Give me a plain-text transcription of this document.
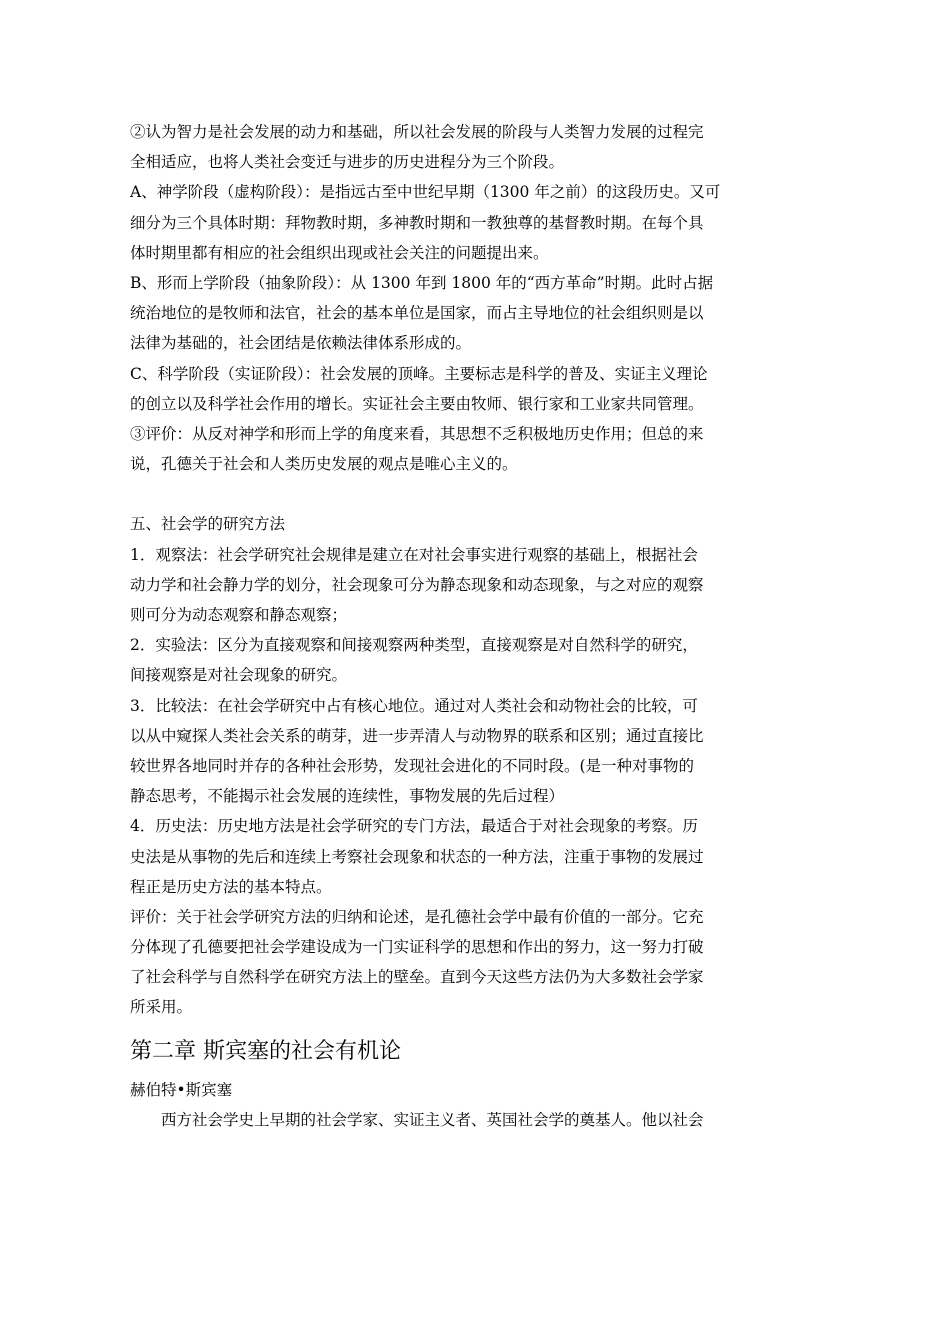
②认为智力是社会发展的动力和基础，所以社会发展的阶段与人类智力发展的过程完
全相适应，也将人类社会变迁与进步的历史进程分为三个阶段。
A、神学阶段（虚构阶段）：是指远古至中世纪早期（1300 年之前）的这段历史。又可
细分为三个具体时期：拜物教时期，多神教时期和一教独尊的基督教时期。在每个具
体时期里都有相应的社会组织出现或社会关注的问题提出来。
B、形而上学阶段（抽象阶段）：从 1300 年到 1800 年的“西方革命”时期。此时占据
统治地位的是牧师和法官，社会的基本单位是国家，而占主导地位的社会组织则是以
法律为基础的，社会团结是依赖法律体系形成的。
C、科学阶段（实证阶段）：社会发展的顶峰。主要标志是科学的普及、实证主义理论
的创立以及科学社会作用的增长。实证社会主要由牧师、银行家和工业家共同管理。
③评价：从反对神学和形而上学的角度来看，其思想不乏积极地历史作用；但总的来
说，孔德关于社会和人类历史发展的观点是唯心主义的。
五、社会学的研究方法
1．观察法：社会学研究社会规律是建立在对社会事实进行观察的基础上，根据社会
动力学和社会静力学的划分，社会现象可分为静态现象和动态现象，与之对应的观察
则可分为动态观察和静态观察；
2．实验法：区分为直接观察和间接观察两种类型，直接观察是对自然科学的研究，
间接观察是对社会现象的研究。
3．比较法：在社会学研究中占有核心地位。通过对人类社会和动物社会的比较，可
以从中窥探人类社会关系的萌芽，进一步弄清人与动物界的联系和区别；通过直接比
较世界各地同时并存的各种社会形势，发现社会进化的不同时段。(是一种对事物的
静态思考，不能揭示社会发展的连续性，事物发展的先后过程）
4．历史法：历史地方法是社会学研究的专门方法，最适合于对社会现象的考察。历
史法是从事物的先后和连续上考察社会现象和状态的一种方法，注重于事物的发展过
程正是历史方法的基本特点。
评价：关于社会学研究方法的归纳和论述，是孔德社会学中最有价值的一部分。它充
分体现了孔德要把社会学建设成为一门实证科学的思想和作出的努力，这一努力打破
了社会科学与自然科学在研究方法上的壁垒。直到今天这些方法仍为大多数社会学家
所采用。
第二章 斯宾塞的社会有机论
赫伯特•斯宾塞
西方社会学史上早期的社会学家、实证主义者、英国社会学的奠基人。他以社会
